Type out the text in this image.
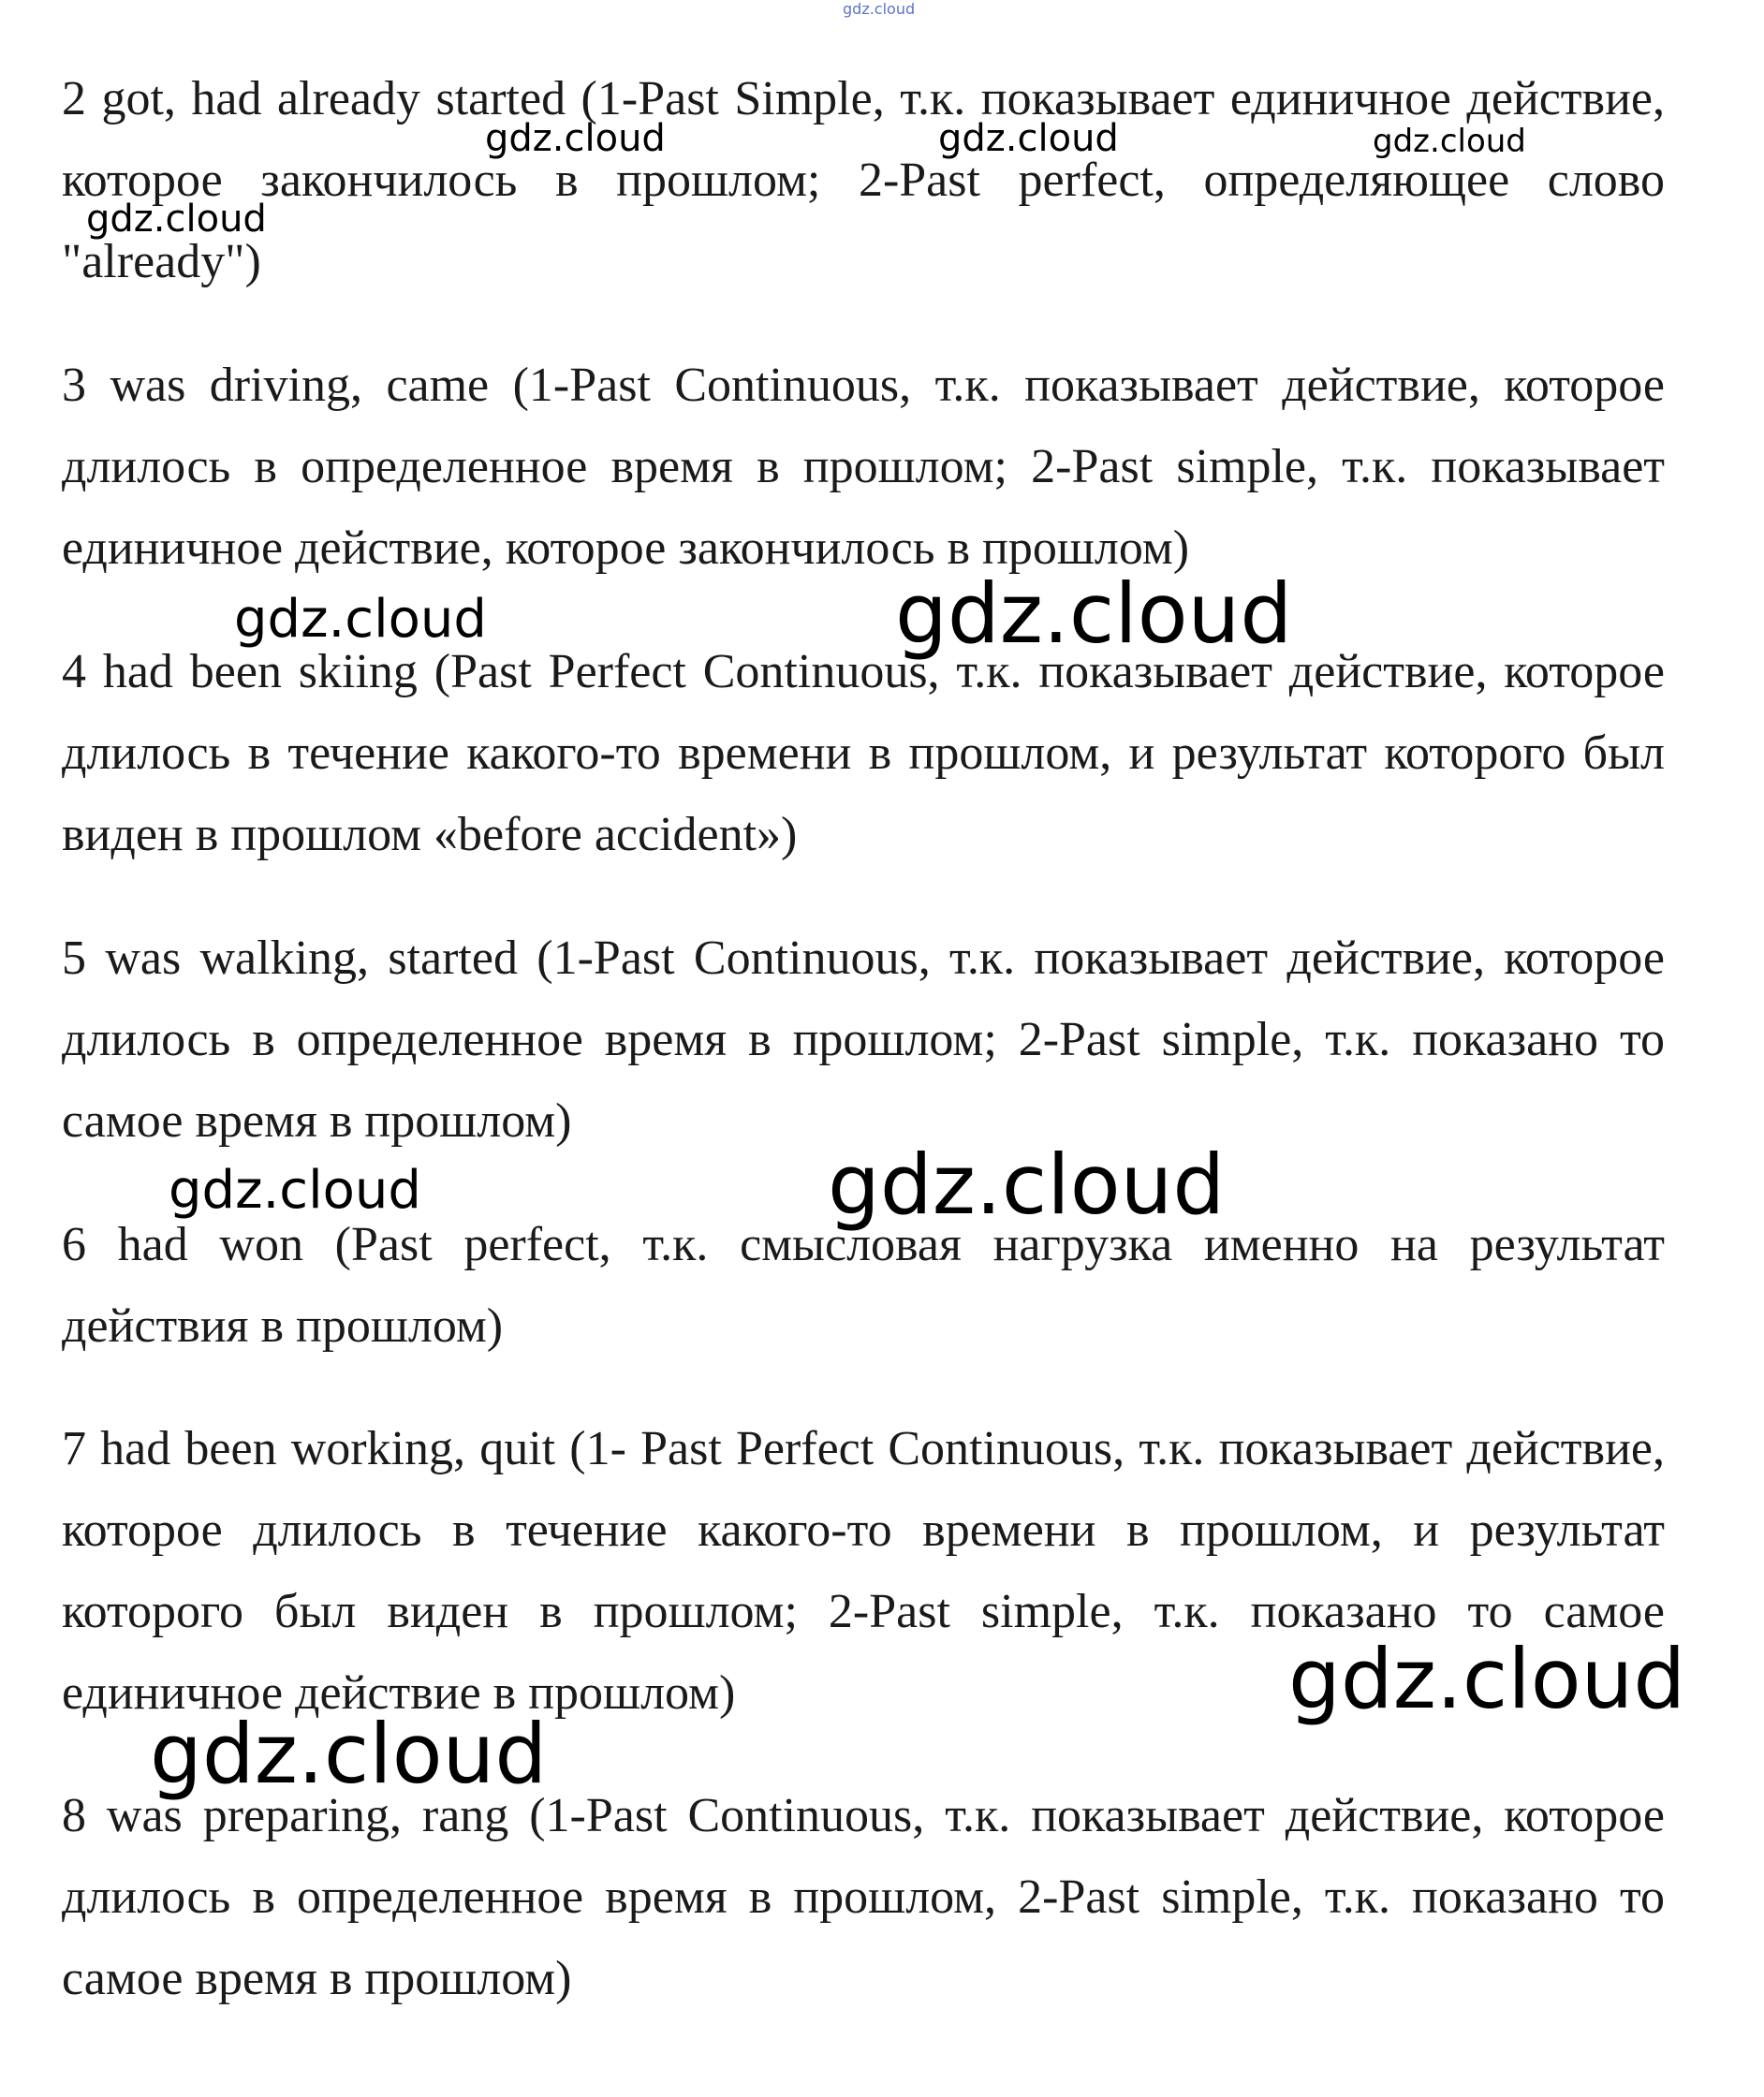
2 got, had already started (1-Past Simple, т.к. показывает единичное действие, которое закончилось в прошлом; 2-Past perfect, определяющее слово "already")

3 was driving, came (1-Past Continuous, т.к. показывает действие, которое длилось в определенное время в прошлом; 2-Past simple, т.к. показывает единичное действие, которое закончилось в прошлом)

4 had been skiing (Past Perfect Continuous, т.к. показывает действие, которое длилось в течение какого-то времени в прошлом, и результат которого был виден в прошлом «before accident»)

5 was walking, started (1-Past Continuous, т.к. показывает действие, которое длилось в определенное время в прошлом; 2-Past simple, т.к. показано то самое время в прошлом)

6 had won (Past perfect, т.к. смысловая нагрузка именно на результат действия в прошлом)

7 had been working, quit (1- Past Perfect Continuous, т.к. показывает действие, которое длилось в течение какого-то времени в прошлом, и результат которого был виден в прошлом; 2-Past simple, т.к. показано то самое единичное действие в прошлом)

8 was preparing, rang (1-Past Continuous, т.к. показывает действие, которое длилось в определенное время в прошлом, 2-Past simple, т.к. показано то самое время в прошлом)

gdz.cloud
gdz.cloud	gdz.cloud	gdz.cloud
gdz.cloud
gdz.cloud	gdz.cloud
gdz.cloud	gdz.cloud
gdz.cloud
gdz.cloud
